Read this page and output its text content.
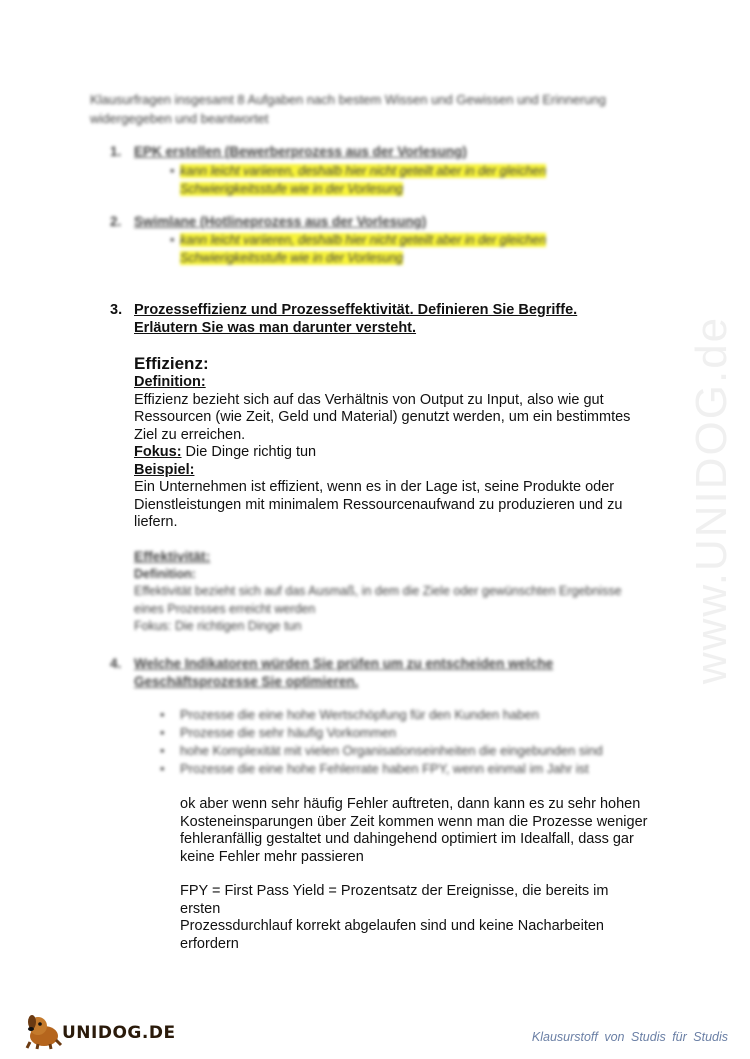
www.UNIDOG.de
Klausurfragen insgesamt 8 Aufgaben nach bestem Wissen und Gewissen und Erinnerung widergegeben und beantwortet
1. EPK erstellen (Bewerberprozess aus der Vorlesung)
• kann leicht variieren, deshalb hier nicht geteilt aber in der gleichen Schwierigkeitsstufe wie in der Vorlesung
2. Swimlane (Hotlineprozess aus der Vorlesung)
• kann leicht variieren, deshalb hier nicht geteilt aber in der gleichen Schwierigkeitsstufe wie in der Vorlesung
3. Prozesseffizienz und Prozesseffektivität. Definieren Sie Begriffe.
Erläutern Sie was man darunter versteht.
Effizienz:
Definition:
Effizienz bezieht sich auf das Verhältnis von Output zu Input, also wie gut Ressourcen (wie Zeit, Geld und Material) genutzt werden, um ein bestimmtes Ziel zu erreichen.
Fokus: Die Dinge richtig tun
Beispiel:
Ein Unternehmen ist effizient, wenn es in der Lage ist, seine Produkte oder Dienstleistungen mit minimalem Ressourcenaufwand zu produzieren und zu liefern.
Effektivität:
Definition:
Effektivität bezieht sich auf das Ausmaß, in dem die Ziele oder gewünschten Ergebnisse eines Prozesses erreicht werden
Fokus: Die richtigen Dinge tun
4. Welche Indikatoren würden Sie prüfen um zu entscheiden welche
Geschäftsprozesse Sie optimieren.
• Prozesse die eine hohe Wertschöpfung für den Kunden haben
• Prozesse die sehr häufig Vorkommen
• hohe Komplexität mit vielen Organisationseinheiten die eingebunden sind
• Prozesse die eine hohe Fehlerrate haben FPY, wenn einmal im Jahr ist
ok aber wenn sehr häufig Fehler auftreten, dann kann es zu sehr hohen Kosteneinsparungen über Zeit kommen wenn man die Prozesse weniger fehleranfällig gestaltet und dahingehend optimiert im Idealfall, dass gar keine Fehler mehr passieren
FPY = First Pass Yield = Prozentsatz der Ereignisse, die bereits im
ersten
Prozessdurchlauf korrekt abgelaufen sind und keine Nacharbeiten
erfordern
UNIDOG.DE	Klausurstoff von Studis für Studis
